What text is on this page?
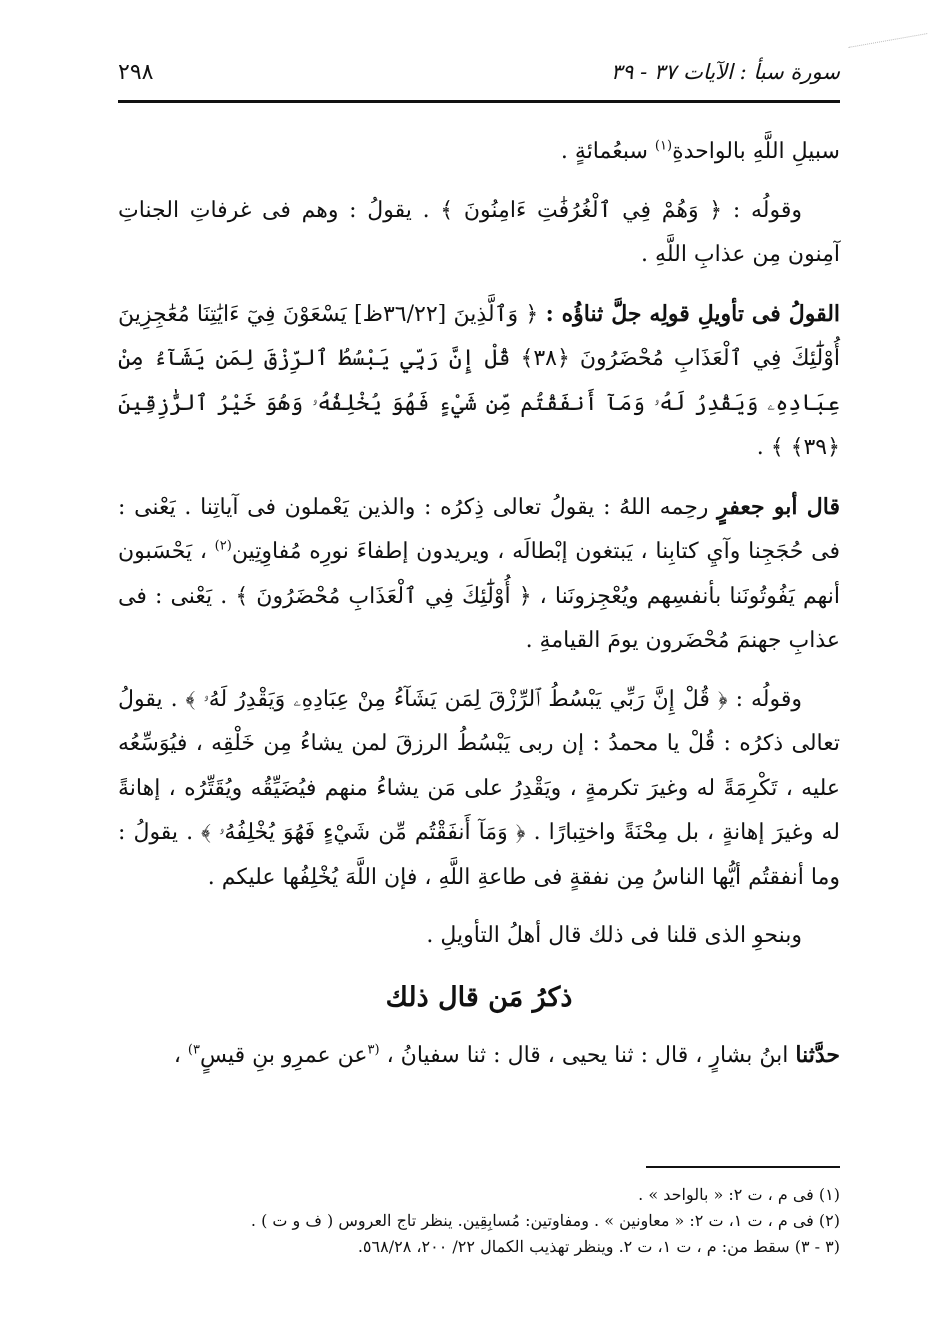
سورة سبأ : الآيات ٣٧ - ٣٩
٢٩٨

سبيلِ اللَّهِ بالواحدةِ$^{(١)}$ سبعُمائةٍ .

وقولُه : ﴿ وَهُمْ فِي ٱلْغُرُفَٰتِ ءَامِنُونَ ﴾ . يقولُ : وهم فى غرفاتِ الجناتِ آمِنون مِن عذابِ اللَّهِ .

القولُ فى تأويلِ قولِه جلَّ ثناؤُه : ﴿ وَٱلَّذِينَ [٣٦/٢٢ظ] يَسْعَوْنَ فِيٓ ءَايَٰتِنَا مُعَٰجِزِينَ أُوْلَٰٓئِكَ فِي ٱلْعَذَابِ مُحْضَرُونَ ﴿٣٨﴾ قُلْ إِنَّ رَبِّي يَبْسُطُ ٱلرِّزْقَ لِمَن يَشَآءُ مِنْ عِبَادِهِۦ وَيَقْدِرُ لَهُۥ وَمَآ أَنفَقْتُم مِّن شَيْءٍ فَهُوَ يُخْلِفُهُۥ وَهُوَ خَيْرُ ٱلرَّٰزِقِينَ ﴿٣٩﴾ ﴾ .

قال أبو جعفرٍ رحِمه اللهُ : يقولُ تعالى ذِكرُه : والذين يَعْملون فى آياتِنا . يَعْنى : فى حُجَجِنا وآيِ كتابِنا ، يَبتغون إبْطالَه ، ويريدون إطفاءَ نورِه مُفاوِتِين$^{(٢)}$ ، يَحْسَبون أنهم يَفُوتُونَنا بأنفسِهم ويُعْجِزونَنا ، ﴿ أُوْلَٰٓئِكَ فِي ٱلْعَذَابِ مُحْضَرُونَ ﴾ . يَعْنى : فى عذابِ جهنمَ مُحْضَرون يومَ القيامةِ .

وقولُه : ﴿ قُلْ إِنَّ رَبِّي يَبْسُطُ ٱلرِّزْقَ لِمَن يَشَآءُ مِنْ عِبَادِهِۦ وَيَقْدِرُ لَهُۥ ﴾ . يقولُ تعالى ذكرُه : قُلْ يا محمدُ : إن ربى يَبْسُطُ الرزقَ لمن يشاءُ مِن خَلْقِه ، فيُوَسِّعُه عليه ، تَكْرِمَةً له وغيرَ تكرمةٍ ، ويَقْدِرُ على مَن يشاءُ منهم فيُضَيِّقُه ويُقَتِّرُه ، إهانةً له وغيرَ إهانةٍ ، بل مِحْنَةً واختِبارًا . ﴿ وَمَآ أَنفَقْتُم مِّن شَيْءٍ فَهُوَ يُخْلِفُهُۥ ﴾ . يقولُ : وما أنفقتُم أيُّها الناسُ مِن نفقةٍ فى طاعةِ اللَّهِ ، فإن اللَّهَ يُخْلِفُها عليكم .

وبنحوِ الذى قلنا فى ذلك قال أهلُ التأويلِ .

ذكرُ مَن قال ذلك

حدَّثنا ابنُ بشارٍ ، قال : ثنا يحيى ، قال : ثنا سفيانُ ، $^{(٣}$عن عمرِو بنِ قيسٍ$^{٣)}$ ،

(١) فى م ، ت ٢: « بالواحد » .
(٢) فى م ، ت ١، ت ٢: « معاونين » . ومفاوتين: مُسابِقِين. ينظر تاج العروس ( ف و ت ) .
(٣ - ٣) سقط من: م ، ت ١، ت ٢. وينظر تهذيب الكمال ٢٢/ ٢٠٠، ٥٦٨/٢٨.
